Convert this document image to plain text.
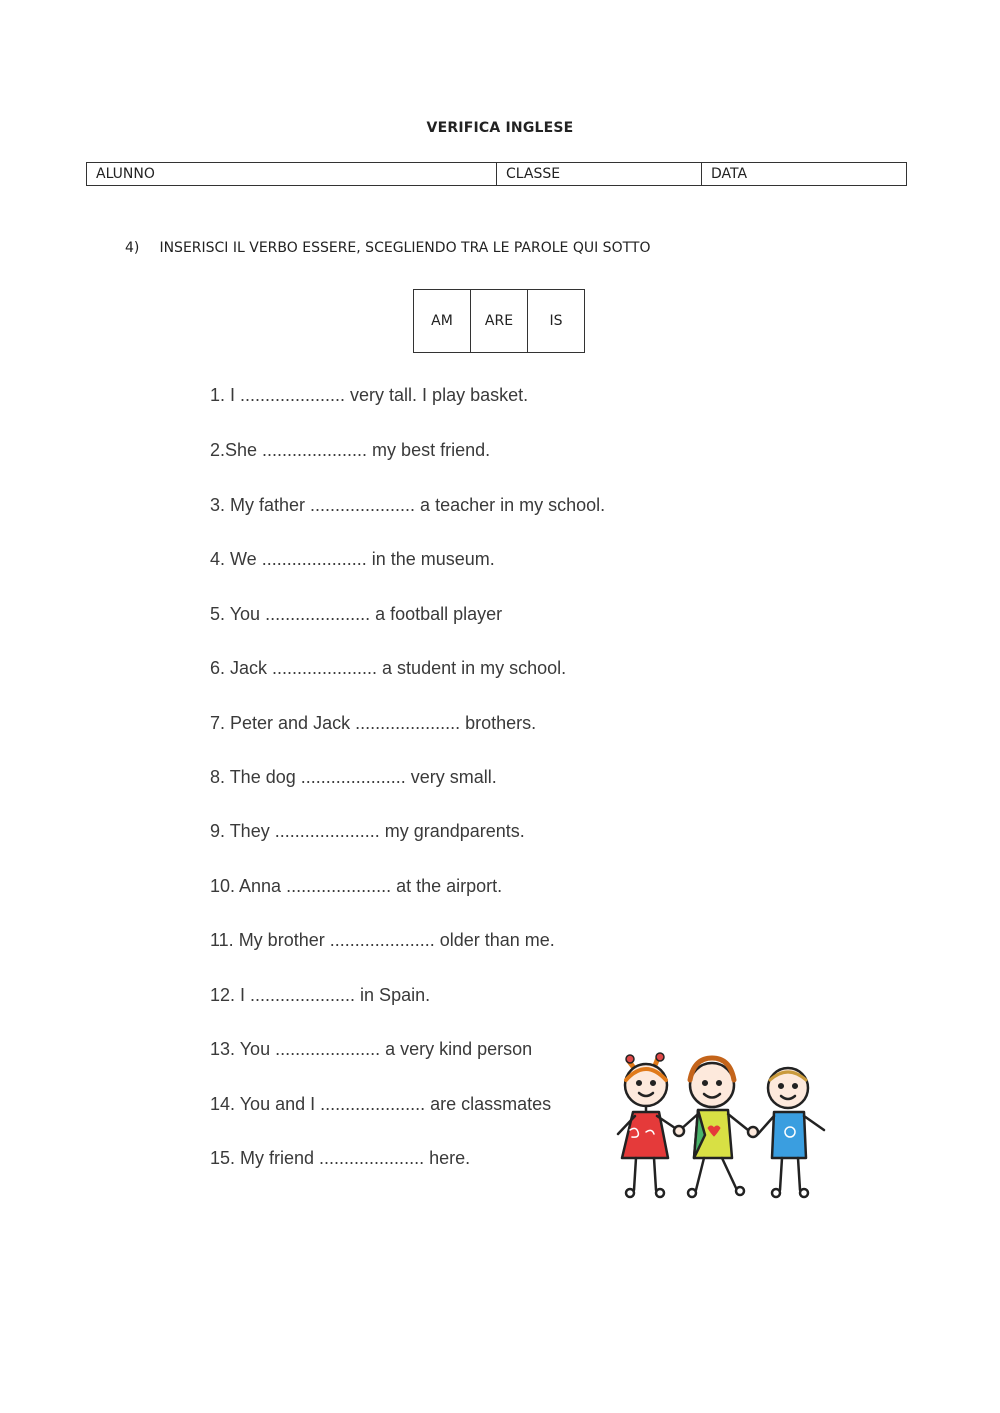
VERIFICA INGLESE
ALUNNO	CLASSE	DATA
4) INSERISCI IL VERBO ESSERE, SCEGLIENDO TRA LE PAROLE QUI SOTTO
AM	ARE	IS
1. I ..................... very tall. I play basket.
2.She ..................... my best friend.
3. My father ..................... a teacher in my school.
4. We ..................... in the museum.
5. You ..................... a football player
6. Jack ..................... a student in my school.
7. Peter and Jack ..................... brothers.
8. The dog ..................... very small.
9. They ..................... my grandparents.
10. Anna ..................... at the airport.
11. My brother ..................... older than me.
12. I ..................... in Spain.
13. You ..................... a very kind person
14. You and I ..................... are classmates
15. My friend ..................... here.
